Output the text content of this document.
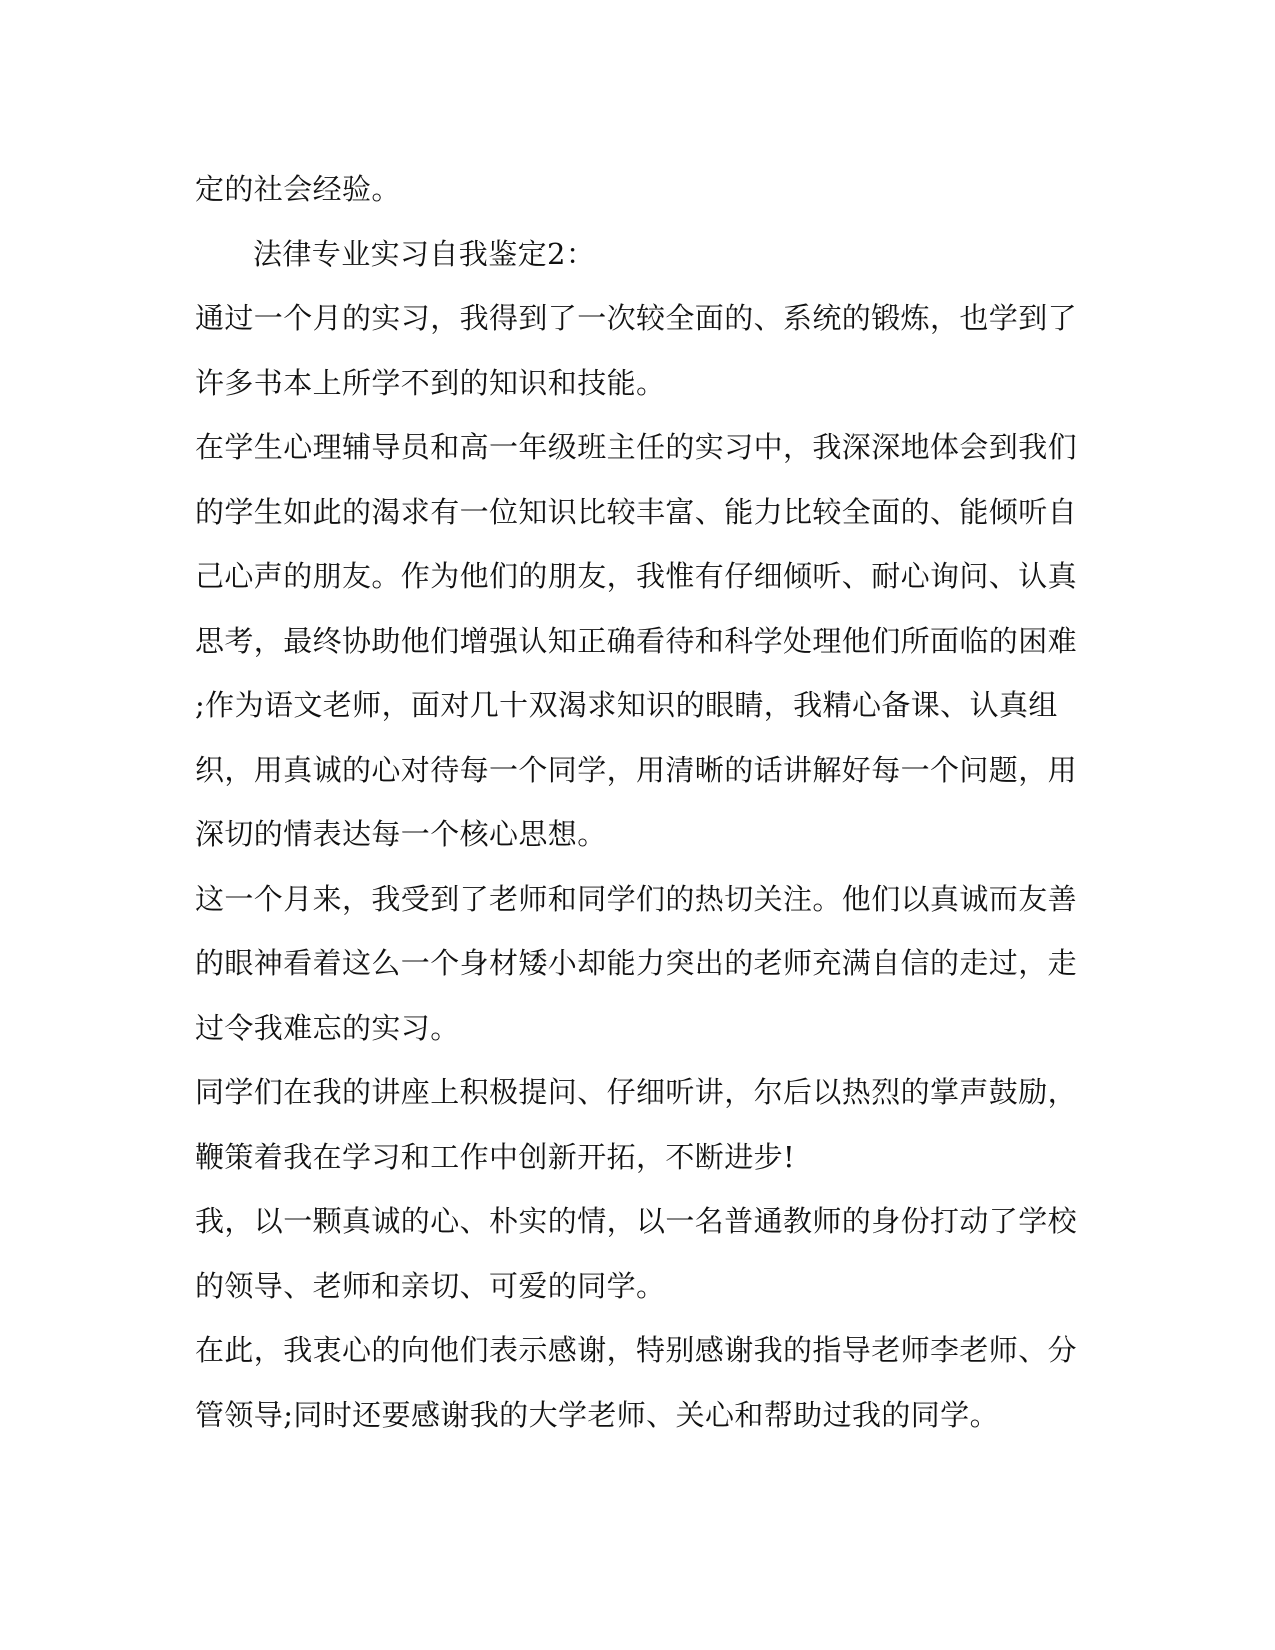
定的社会经验。
法律专业实习自我鉴定2：
通过一个月的实习，我得到了一次较全面的、系统的锻炼，也学到了
许多书本上所学不到的知识和技能。
在学生心理辅导员和高一年级班主任的实习中，我深深地体会到我们
的学生如此的渴求有一位知识比较丰富、能力比较全面的、能倾听自
己心声的朋友。作为他们的朋友，我惟有仔细倾听、耐心询问、认真
思考，最终协助他们增强认知正确看待和科学处理他们所面临的困难
;作为语文老师，面对几十双渴求知识的眼睛，我精心备课、认真组
织，用真诚的心对待每一个同学，用清晰的话讲解好每一个问题，用
深切的情表达每一个核心思想。
这一个月来，我受到了老师和同学们的热切关注。他们以真诚而友善
的眼神看着这么一个身材矮小却能力突出的老师充满自信的走过，走
过令我难忘的实习。
同学们在我的讲座上积极提问、仔细听讲，尔后以热烈的掌声鼓励，
鞭策着我在学习和工作中创新开拓，不断进步!
我，以一颗真诚的心、朴实的情，以一名普通教师的身份打动了学校
的领导、老师和亲切、可爱的同学。
在此，我衷心的向他们表示感谢，特别感谢我的指导老师李老师、分
管领导;同时还要感谢我的大学老师、关心和帮助过我的同学。
